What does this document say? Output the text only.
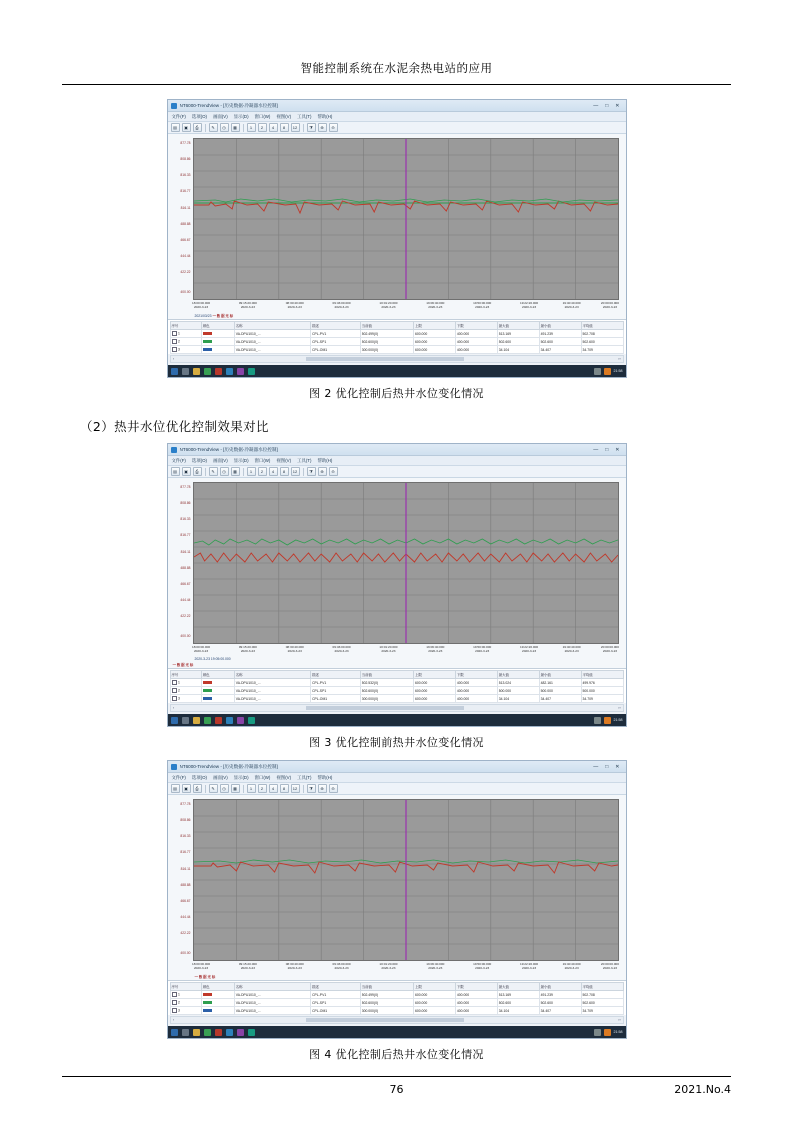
智能控制系统在水泥余热电站的应用
NT6000-TrendView - [历史数据-冷凝器水位控制]	— □ ✕
文件(F) 选项(O) 画面(V) 显示(D) 窗口(W) 视图(V) 工具(T) 帮助(H)
▤	▣	⎙	✎	◷	▦	1	2	4	8	12	⧩	⊕	⊖
877.78
808.86
816.33
816.77
816.11
488.88
466.67
444.44
422.22
400.00
18:00:00.000
2020-3-23
09:15:20.000
2020-3-23
08:30:40.000
2020-3-23
09:46:00.000
2020-3-23
10:01:20.000
2020-3-23
19:06:40.000
2020-3-23
19:50:00.000
2020-3-23
19:22:20.000
2020-3-23
19:40:40.000
2020-3-23
20:00:00.000
2020-3-23
2021/03/23 一 数 据 光 标
序号	颜色	名称	描述	当前值	上限	下限	最大值	最小值	平均值
1		VA-DPU1010_...	CPL-PV1	502.499(0)	600.000	400.000	513.169	491.239	502.708
2		VA-DPU1010_...	CPL-SP1	502.600(0)	600.000	400.000	502.600	502.600	502.600
3		VA-DPU1010_...	CPL-OM1	300.000(0)	600.000	400.000	34.104	34.407	34.709
‹	››
21:58
图 2 优化控制后热井水位变化情况
（2）热井水位优化控制效果对比
NT6000-TrendView - [历史数据-冷凝器水位控制]	— □ ✕
文件(F) 选项(O) 画面(V) 显示(D) 窗口(W) 视图(V) 工具(T) 帮助(H)
▤	▣	⎙	✎	◷	▦	1	2	4	8	12	⧩	⊕	⊖
877.78
808.86
816.33
816.77
816.11
488.88
466.67
444.44
422.22
400.00
18:00:00.000
2020-3-23
09:15:20.000
2020-3-23
08:30:40.000
2020-3-23
09:46:00.000
2020-3-23
10:01:20.000
2020-3-23
19:06:40.000
2020-3-23
19:50:00.000
2020-3-23
19:22:20.000
2020-3-23
19:40:40.000
2020-3-23
20:00:00.000
2020-3-23
2020-3-23 19:05:00.000
一 数 据 光 标
序号	颜色	名称	描述	当前值	上限	下限	最大值	最小值	平均值
1		VA-DPU1010_...	CPL-PV1	502.532(0)	600.000	400.000	513.024	482.161	499.976
2		VA-DPU1010_...	CPL-SP1	502.600(0)	600.000	400.000	500.000	500.000	500.000
3		VA-DPU1010_...	CPL-OM1	300.000(0)	600.000	400.000	34.104	34.407	34.709
‹	››
21:58
图 3 优化控制前热井水位变化情况
NT6000-TrendView - [历史数据-冷凝器水位控制]	— □ ✕
文件(F) 选项(O) 画面(V) 显示(D) 窗口(W) 视图(V) 工具(T) 帮助(H)
▤	▣	⎙	✎	◷	▦	1	2	4	8	12	⧩	⊕	⊖
877.78
808.86
816.33
816.77
816.11
488.88
466.67
444.44
422.22
400.00
18:00:00.000
2020-3-23
09:15:20.000
2020-3-23
08:30:40.000
2020-3-23
09:46:00.000
2020-3-23
10:01:20.000
2020-3-23
19:06:40.000
2020-3-23
19:50:00.000
2020-3-23
19:22:20.000
2020-3-23
19:40:40.000
2020-3-23
20:00:00.000
2020-3-23
一 数 据 光 标
序号	颜色	名称	描述	当前值	上限	下限	最大值	最小值	平均值
1		VA-DPU1010_...	CPL-PV1	502.499(0)	600.000	400.000	513.169	491.239	502.708
2		VA-DPU1010_...	CPL-SP1	502.600(0)	600.000	400.000	502.600	502.600	502.600
3		VA-DPU1010_...	CPL-OM1	300.000(0)	600.000	400.000	34.104	34.407	34.709
‹	››
21:58
图 4 优化控制后热井水位变化情况
76	2021.No.4
